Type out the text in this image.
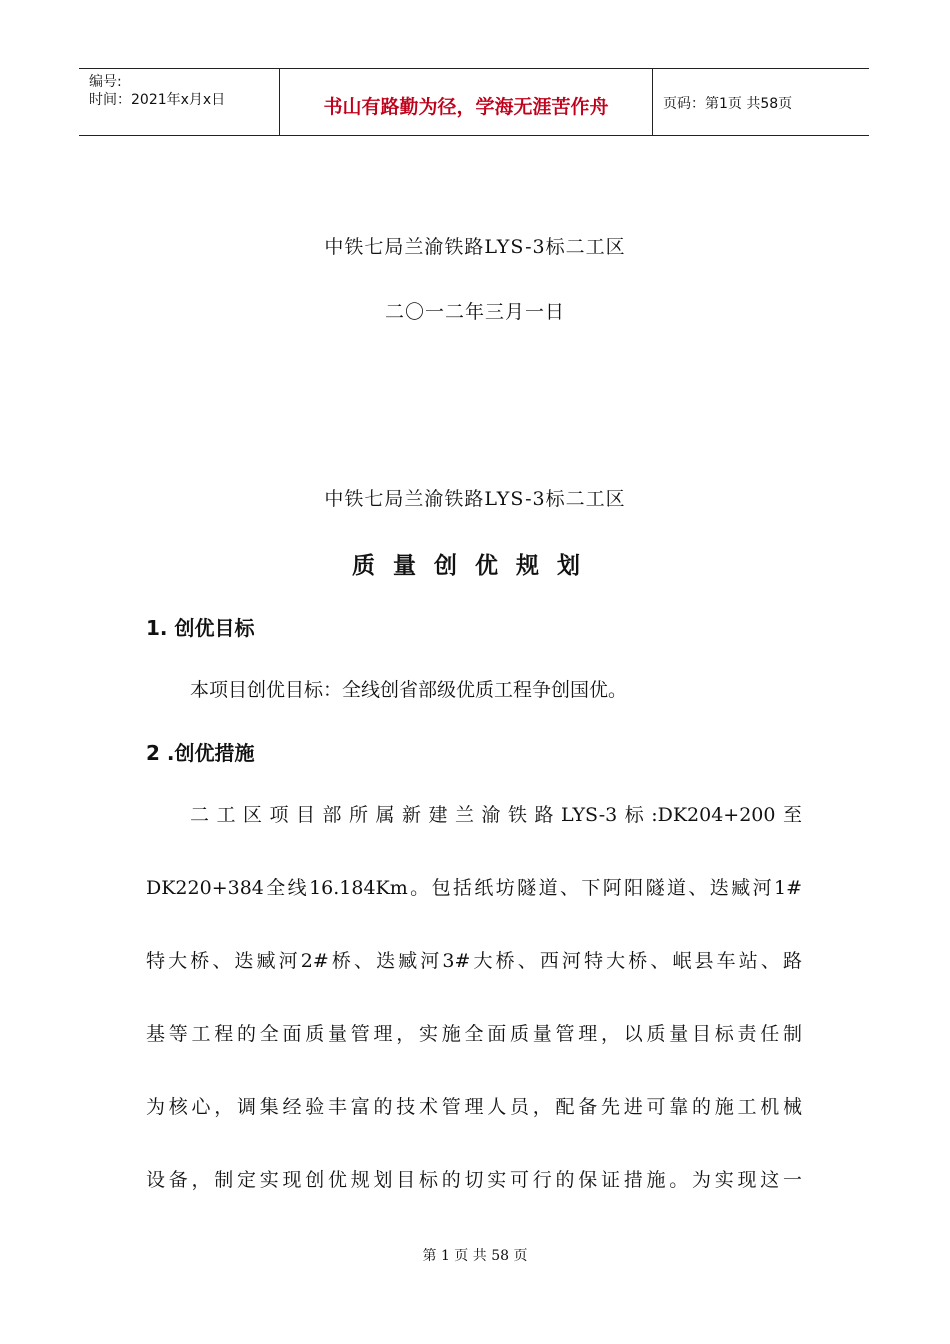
编号:
时间：2021年x月x日	书山有路勤为径，学海无涯苦作舟	页码：第1页 共58页
中铁七局兰渝铁路LYS-3标二工区
二〇一二年三月一日
中铁七局兰渝铁路LYS-3标二工区
质量创优规划
1. 创优目标
本项目创优目标：全线创省部级优质工程争创国优。
2 .创优措施
二工区项目部所属新建兰渝铁路LYS-3标:DK204+200至
DK220+384全线16.184Km。包括纸坊隧道、下阿阳隧道、迭臧河1#
特大桥、迭臧河2#桥、迭臧河3#大桥、西河特大桥、岷县车站、路
基等工程的全面质量管理，实施全面质量管理，以质量目标责任制
为核心，调集经验丰富的技术管理人员，配备先进可靠的施工机械
设备，制定实现创优规划目标的切实可行的保证措施。为实现这一
第 1 页 共 58 页
